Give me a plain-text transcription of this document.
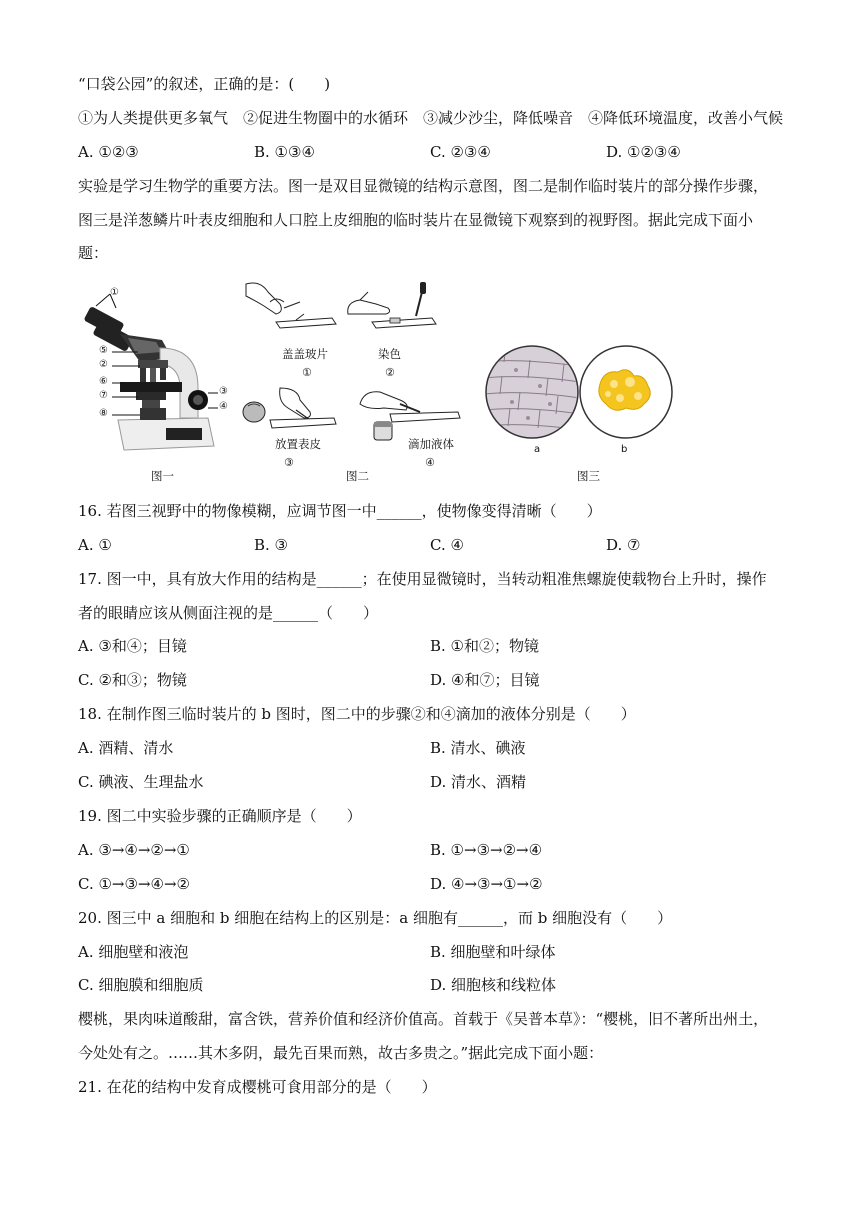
“口袋公园”的叙述，正确的是：(　　)
①为人类提供更多氧气　②促进生物圈中的水循环　③减少沙尘，降低噪音　④降低环境温度，改善小气候
A. ①②③	B. ①③④	C. ②③④	D. ①②③④
实验是学习生物学的重要方法。图一是双目显微镜的结构示意图，图二是制作临时装片的部分操作步骤，
图三是洋葱鳞片叶表皮细胞和人口腔上皮细胞的临时装片在显微镜下观察到的视野图。据此完成下面小
题：
①
⑤
②
⑥
⑦
⑧
③
④
图一
盖盖玻片
①
染色
②
放置表皮
③
滴加液体
④
图二
a	b
图三
16. 若图三视野中的物像模糊，应调节图一中______，使物像变得清晰（　　）
A. ①	B. ③	C. ④	D. ⑦
17. 图一中，具有放大作用的结构是______；在使用显微镜时，当转动粗准焦螺旋使载物台上升时，操作
者的眼睛应该从侧面注视的是______（　　）
A. ③和④；目镜	B. ①和②；物镜
C. ②和③；物镜	D. ④和⑦；目镜
18. 在制作图三临时装片的 b 图时，图二中的步骤②和④滴加的液体分别是（　　）
A. 酒精、清水	B. 清水、碘液
C. 碘液、生理盐水	D. 清水、酒精
19. 图二中实验步骤的正确顺序是（　　）
A. ③→④→②→①	B. ①→③→②→④
C. ①→③→④→②	D. ④→③→①→②
20. 图三中 a 细胞和 b 细胞在结构上的区别是：a 细胞有______，而 b 细胞没有（　　）
A. 细胞壁和液泡	B. 细胞壁和叶绿体
C. 细胞膜和细胞质	D. 细胞核和线粒体
樱桃，果肉味道酸甜，富含铁，营养价值和经济价值高。首载于《吴普本草》：“樱桃，旧不著所出州土，
今处处有之。……其木多阴，最先百果而熟，故古多贵之。”据此完成下面小题：
21. 在花的结构中发育成樱桃可食用部分的是（　　）
